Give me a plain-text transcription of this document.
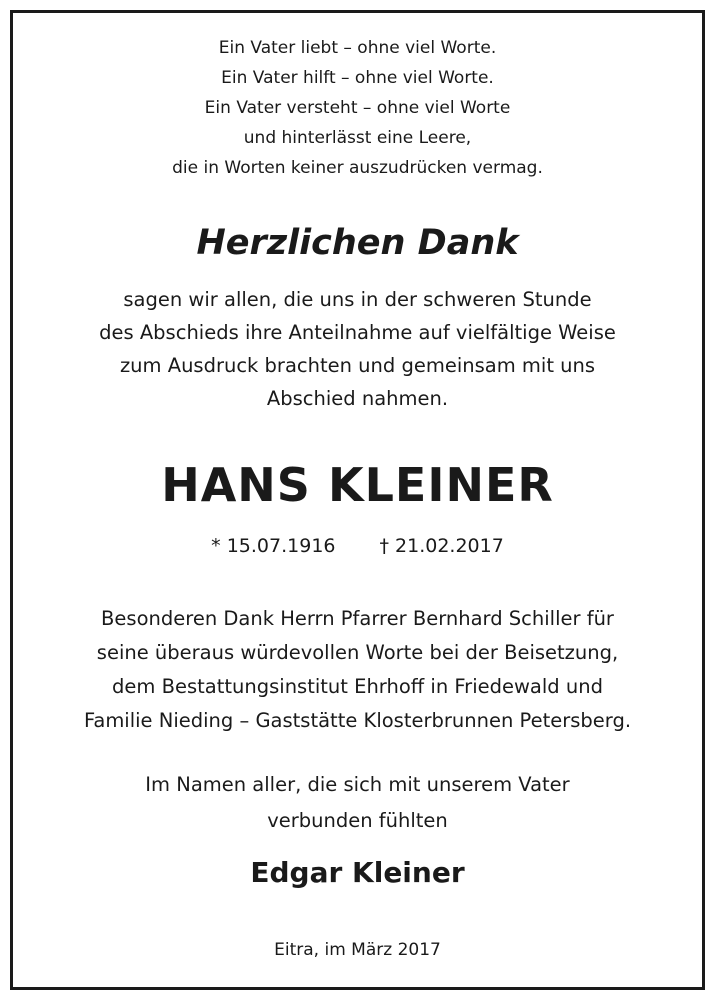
Ein Vater liebt – ohne viel Worte.
Ein Vater hilft – ohne viel Worte.
Ein Vater versteht – ohne viel Worte
und hinterlässt eine Leere,
die in Worten keiner auszudrücken vermag.
Herzlichen Dank
sagen wir allen, die uns in der schweren Stunde
des Abschieds ihre Anteilnahme auf vielfältige Weise
zum Ausdruck brachten und gemeinsam mit uns
Abschied nahmen.
HANS KLEINER
* 15.07.1916 † 21.02.2017
Besonderen Dank Herrn Pfarrer Bernhard Schiller für
seine überaus würdevollen Worte bei der Beisetzung,
dem Bestattungsinstitut Ehrhoff in Friedewald und
Familie Nieding – Gaststätte Klosterbrunnen Petersberg.
Im Namen aller, die sich mit unserem Vater
verbunden fühlten
Edgar Kleiner
Eitra, im März 2017
